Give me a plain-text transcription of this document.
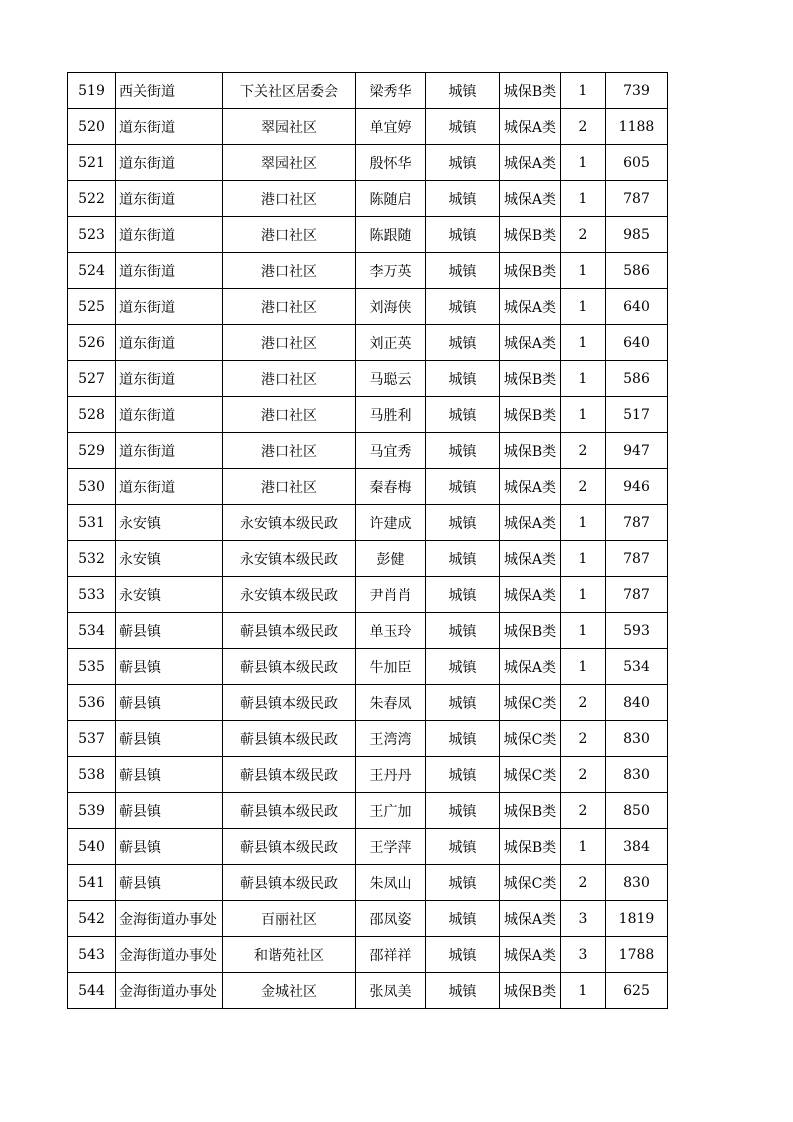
519	西关街道	下关社区居委会	梁秀华	城镇	城保B类	1	739
520	道东街道	翠园社区	单宜婷	城镇	城保A类	2	1188
521	道东街道	翠园社区	殷怀华	城镇	城保A类	1	605
522	道东街道	港口社区	陈随启	城镇	城保A类	1	787
523	道东街道	港口社区	陈跟随	城镇	城保B类	2	985
524	道东街道	港口社区	李万英	城镇	城保B类	1	586
525	道东街道	港口社区	刘海侠	城镇	城保A类	1	640
526	道东街道	港口社区	刘正英	城镇	城保A类	1	640
527	道东街道	港口社区	马聪云	城镇	城保B类	1	586
528	道东街道	港口社区	马胜利	城镇	城保B类	1	517
529	道东街道	港口社区	马宜秀	城镇	城保B类	2	947
530	道东街道	港口社区	秦春梅	城镇	城保A类	2	946
531	永安镇	永安镇本级民政	许建成	城镇	城保A类	1	787
532	永安镇	永安镇本级民政	彭健	城镇	城保A类	1	787
533	永安镇	永安镇本级民政	尹肖肖	城镇	城保A类	1	787
534	蕲县镇	蕲县镇本级民政	单玉玲	城镇	城保B类	1	593
535	蕲县镇	蕲县镇本级民政	牛加臣	城镇	城保A类	1	534
536	蕲县镇	蕲县镇本级民政	朱春凤	城镇	城保C类	2	840
537	蕲县镇	蕲县镇本级民政	王湾湾	城镇	城保C类	2	830
538	蕲县镇	蕲县镇本级民政	王丹丹	城镇	城保C类	2	830
539	蕲县镇	蕲县镇本级民政	王广加	城镇	城保B类	2	850
540	蕲县镇	蕲县镇本级民政	王学萍	城镇	城保B类	1	384
541	蕲县镇	蕲县镇本级民政	朱凤山	城镇	城保C类	2	830
542	金海街道办事处	百丽社区	邵凤姿	城镇	城保A类	3	1819
543	金海街道办事处	和谐苑社区	邵祥祥	城镇	城保A类	3	1788
544	金海街道办事处	金城社区	张凤美	城镇	城保B类	1	625
